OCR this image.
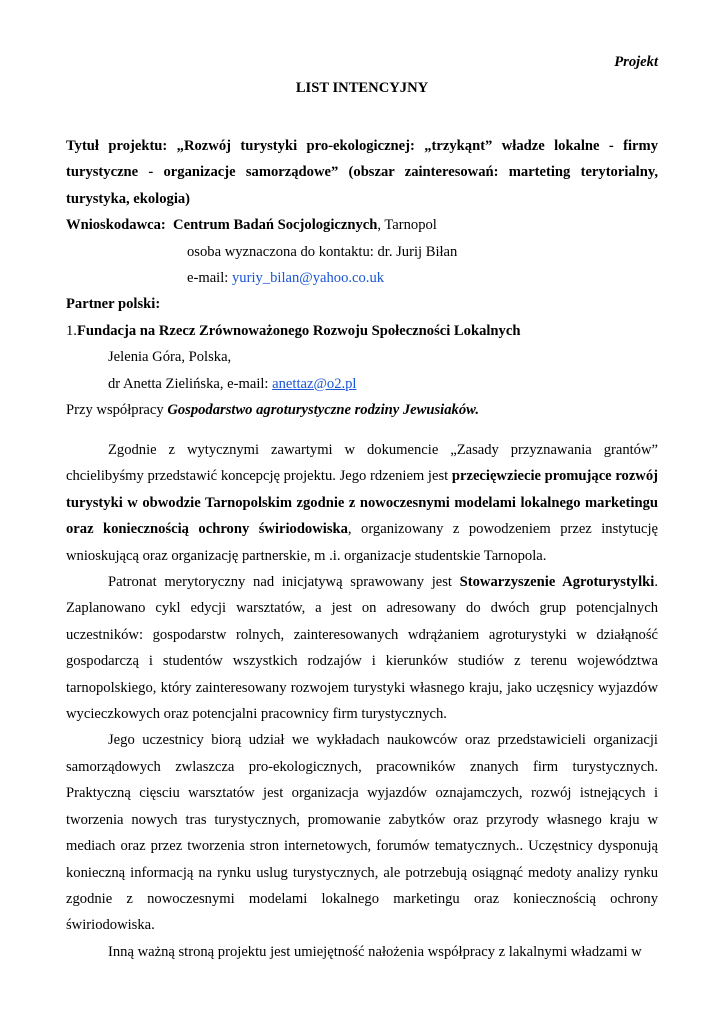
Projekt
LIST INTENCYJNY
Tytuł projektu: „Rozwój turystyki pro-ekologicznej: „trzykąnt” władze lokalne - firmy
turystyczne - organizacje samorządowe” (obszar zainteresowań: marteting terytorialny,
turystyka, ekologia)
Wnioskodawca: Centrum Badań Socjologicznych, Tarnopol
osoba wyznaczona do kontaktu: dr. Jurij Biłan
e-mail: yuriy_bilan@yahoo.co.uk
Partner polski:
1.Fundacja na Rzecz Zrównoważonego Rozwoju Społeczności Lokalnych
Jelenia Góra, Polska,
dr Anetta Zielińska, e-mail: anettaz@o2.pl
Przy współpracy Gospodarstwo agroturystyczne rodziny Jewusiaków.

Zgodnie z wytycznymi zawartymi w dokumencie „Zasady przyznawania grantów” chcielibyśmy przedstawić koncepcję projektu. Jego rdzeniem jest przecięwziecie promujące rozwój turystyki w obwodzie Tarnopolskim zgodnie z nowoczesnymi modelami lokalnego marketingu oraz koniecznością ochrony świriodowiska, organizowany z powodzeniem przez instytucję wnioskującą oraz organizację partnerskie, m .i. organizacje studentskie Tarnopola.

Patronat merytoryczny nad inicjatywą sprawowany jest Stowarzyszenie Agroturystylki. Zaplanowano cykl edycji warsztatów, a jest on adresowany do dwóch grup potencjalnych uczestników: gospodarstw rolnych, zainteresowanych wdrążaniem agroturystyki w działąność gospodarczą i studentów wszystkich rodzajów i kierunków studiów z terenu województwa tarnopolskiego, który zainteresowany rozwojem turystyki własnego kraju, jako uczęsnicy wyjazdów wycieczkowych oraz potencjalni pracownicy firm turystycznych.

Jego uczestnicy biorą udział we wykładach naukowców oraz przedstawicieli organizacji samorządowych zwlaszcza pro-ekologicznych, pracowników znanych firm turystycznych. Praktyczną cięsciu warsztatów jest organizacja wyjazdów oznajamczych, rozwój istnejących i tworzenia nowych tras turystycznych, promowanie zabytków oraz przyrody własnego kraju w mediach oraz przez tworzenia stron internetowych, forumów tematycznych.. Uczęstnicy dysponują konieczną informacją na rynku uslug turystycznych, ale potrzebują osiągnąć medoty analizy rynku zgodnie z nowoczesnymi modelami lokalnego marketingu oraz koniecznością ochrony świriodowiska.

Inną ważną stroną projektu jest umiejętność nałożenia współpracy z lakalnymi władzami w
